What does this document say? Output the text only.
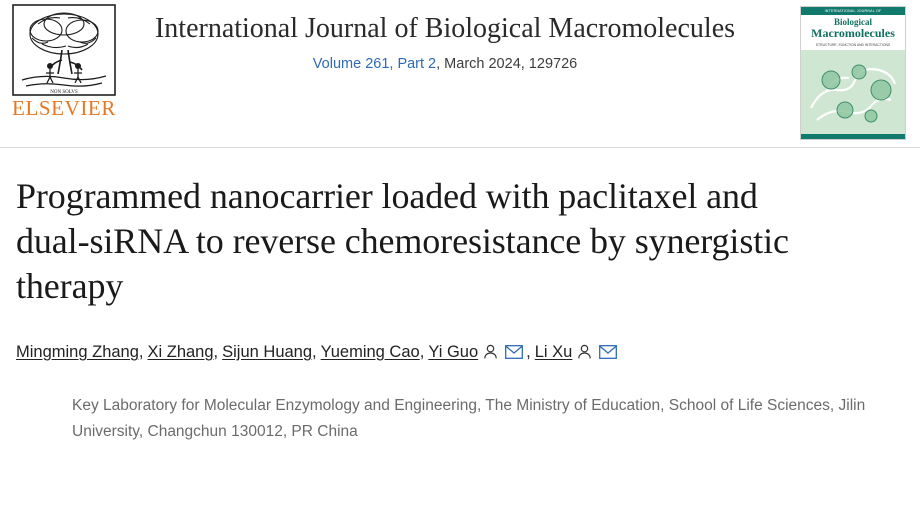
NON SOLVS
ELSEVIER
International Journal of Biological Macromolecules
Volume 261, Part 2, March 2024, 129726
INTERNATIONAL JOURNAL OF
Biological
Macromolecules
STRUCTURE, FUNCTION AND INTERACTIONS
Programmed nanocarrier loaded with paclitaxel and dual-siRNA to reverse chemoresistance by synergistic therapy
Mingming Zhang , Xi Zhang , Sijun Huang , Yueming Cao , Yi Guo	, Li Xu
Key Laboratory for Molecular Enzymology and Engineering, The Ministry of Education, School of Life Sciences, Jilin University, Changchun 130012, PR China
